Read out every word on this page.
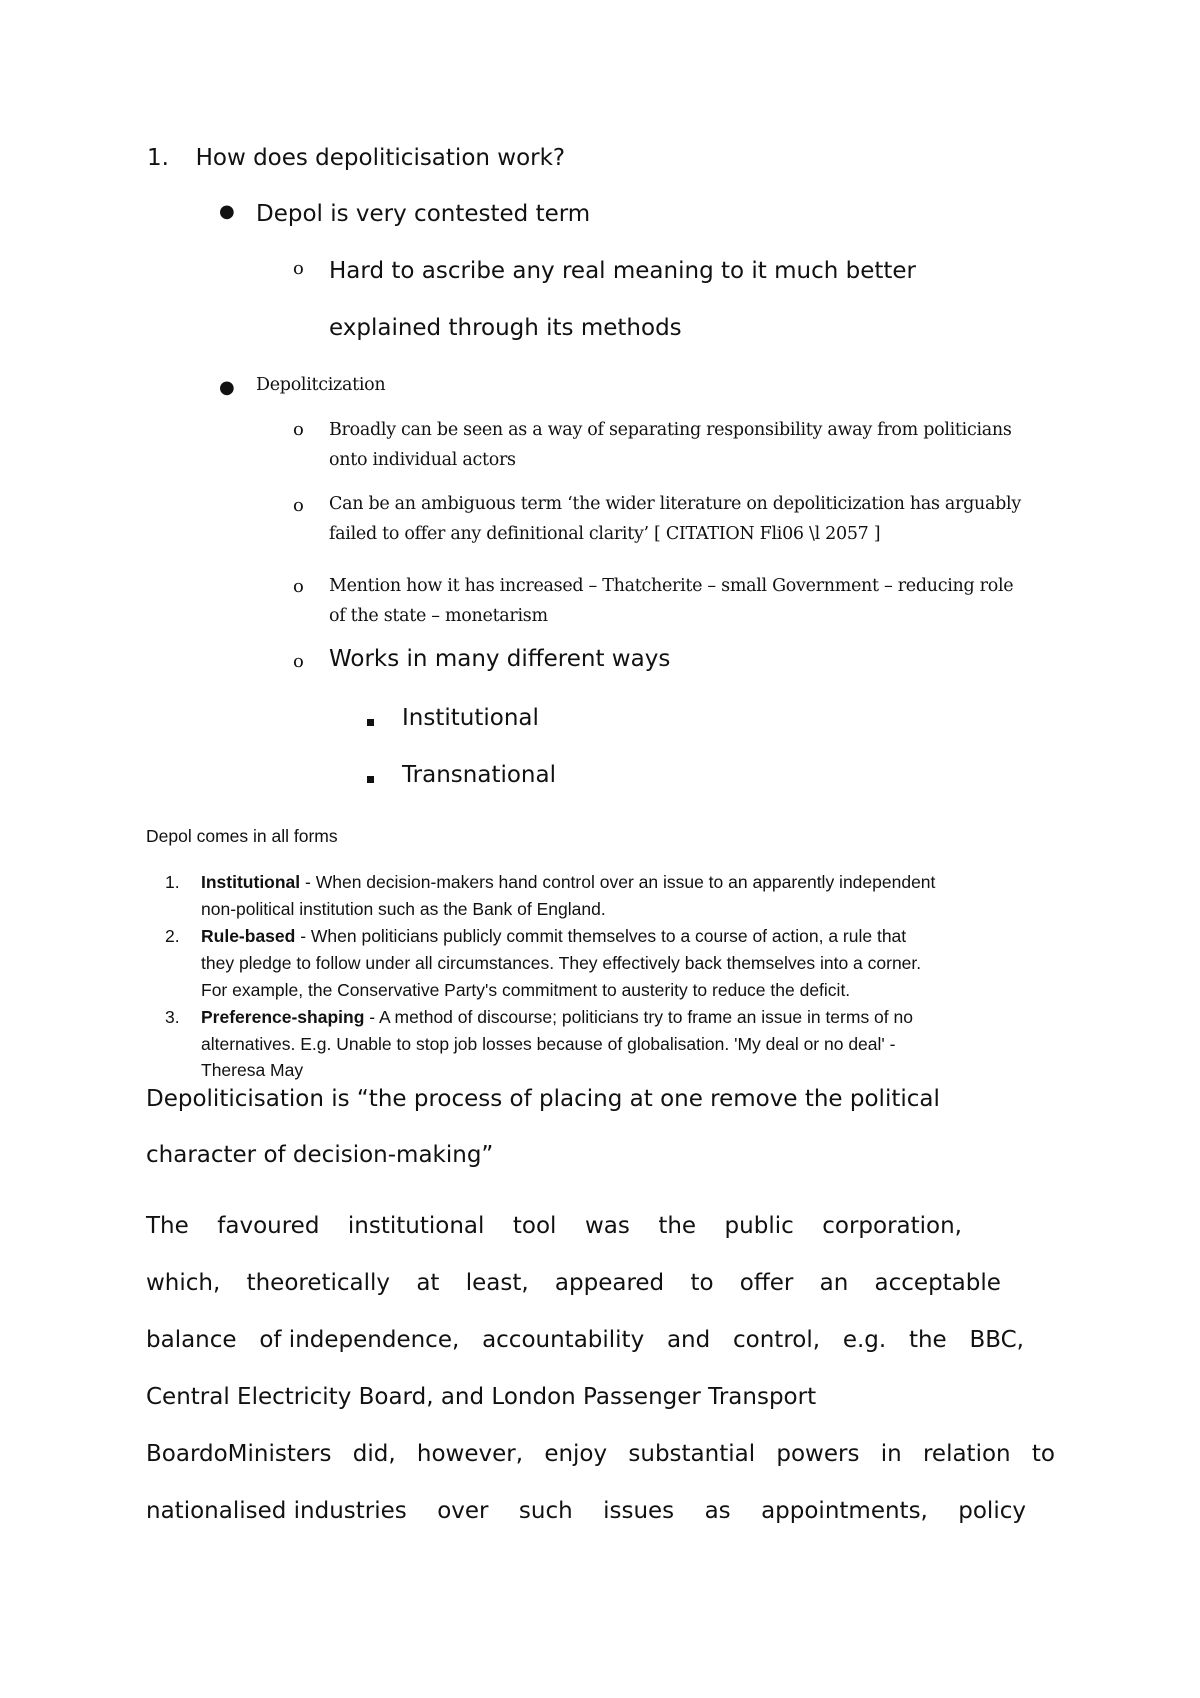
1. How does depoliticisation work?
● Depol is very contested term
o Hard to ascribe any real meaning to it much better
explained through its methods
● Depolitcization
o Broadly can be seen as a way of separating responsibility away from politicians
onto individual actors
o Can be an ambiguous term ‘the wider literature on depoliticization has arguably
failed to offer any definitional clarity’ [ CITATION Fli06 \l 2057 ]
o Mention how it has increased – Thatcherite – small Government – reducing role
of the state – monetarism
o Works in many different ways
Institutional
Transnational
Depol comes in all forms
1. Institutional - When decision-makers hand control over an issue to an apparently independent
non-political institution such as the Bank of England.
2. Rule-based - When politicians publicly commit themselves to a course of action, a rule that
they pledge to follow under all circumstances. They effectively back themselves into a corner.
For example, the Conservative Party's commitment to austerity to reduce the deficit.
3. Preference-shaping - A method of discourse; politicians try to frame an issue in terms of no
alternatives. E.g. Unable to stop job losses because of globalisation. 'My deal or no deal' -
Theresa May
Depoliticisation is “the process of placing at one remove the political
character of decision-making”
The favoured institutional tool was the public corporation,
which, theoretically at least, appeared to offer an acceptable
balance of independence, accountability and control, e.g. the BBC,
Central Electricity Board, and London Passenger Transport
BoardoMinisters did, however, enjoy substantial powers in relation to
nationalised industries over such issues as appointments, policy
